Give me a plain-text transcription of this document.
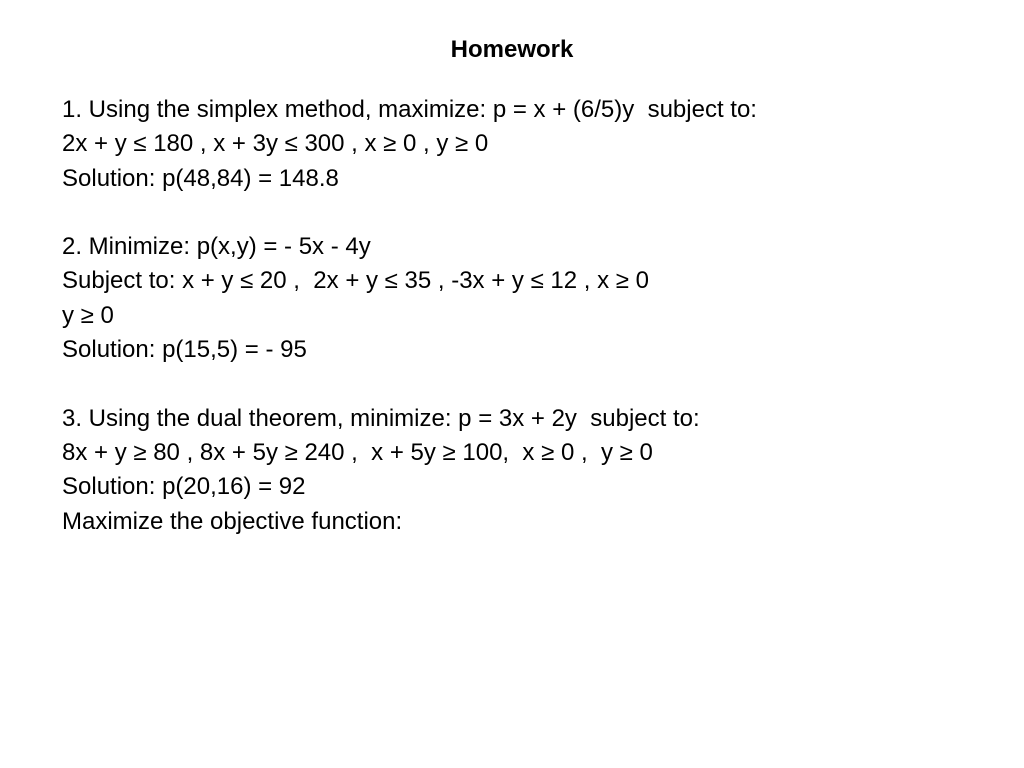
Homework
1. Using the simplex method, maximize: p = x + (6/5)y  subject to:
2x + y ≤ 180 , x + 3y ≤ 300 , x ≥ 0 , y ≥ 0
Solution: p(48,84) = 148.8
2. Minimize: p(x,y) = - 5x - 4y
Subject to: x + y ≤ 20 ,  2x + y ≤ 35 , -3x + y ≤ 12 , x ≥ 0
y ≥ 0
Solution: p(15,5) = - 95
3. Using the dual theorem, minimize: p = 3x + 2y  subject to:
8x + y ≥ 80 , 8x + 5y ≥ 240 ,  x + 5y ≥ 100,  x ≥ 0 ,  y ≥ 0
Solution: p(20,16) = 92
Maximize the objective function:
